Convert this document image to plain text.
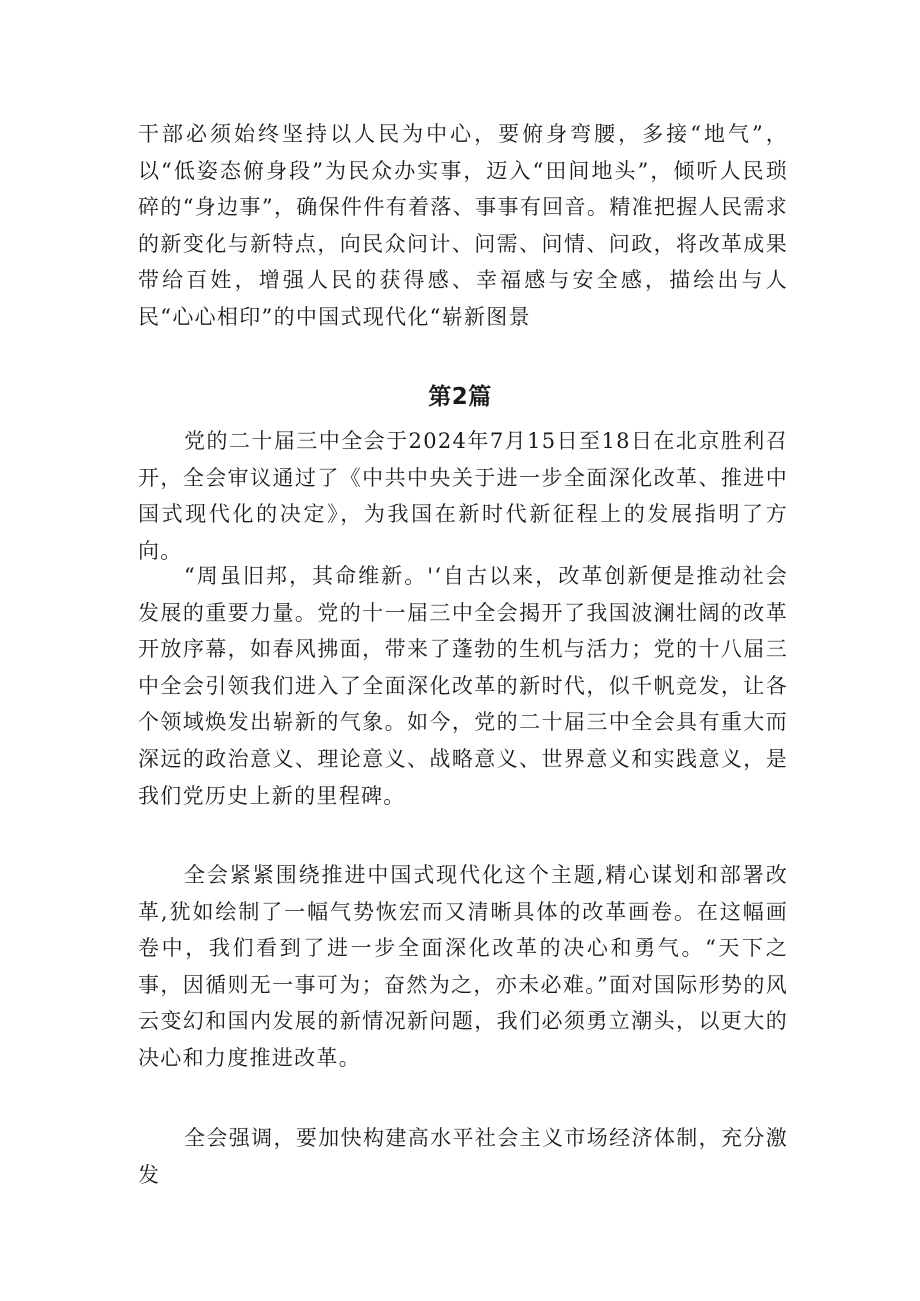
干部必须始终坚持以人民为中心，要俯身弯腰，多接“地气”，以“低姿态俯身段”为民众办实事，迈入“田间地头”，倾听人民琐碎的“身边事”，确保件件有着落、事事有回音。精准把握人民需求的新变化与新特点，向民众问计、问需、问情、问政，将改革成果带给百姓，增强人民的获得感、幸福感与安全感，描绘出与人民“心心相印”的中国式现代化“崭新图景

第2篇

党的二十届三中全会于2024年7月15日至18日在北京胜利召开，全会审议通过了《中共中央关于进一步全面深化改革、推进中国式现代化的决定》，为我国在新时代新征程上的发展指明了方向。

“周虽旧邦，其命维新。'‘自古以来，改革创新便是推动社会发展的重要力量。党的十一届三中全会揭开了我国波澜壮阔的改革开放序幕，如春风拂面，带来了蓬勃的生机与活力；党的十八届三中全会引领我们进入了全面深化改革的新时代，似千帆竞发，让各个领域焕发出崭新的气象。如今，党的二十届三中全会具有重大而深远的政治意义、理论意义、战略意义、世界意义和实践意义，是我们党历史上新的里程碑。

全会紧紧围绕推进中国式现代化这个主题,精心谋划和部署改革,犹如绘制了一幅气势恢宏而又清晰具体的改革画卷。在这幅画卷中，我们看到了进一步全面深化改革的决心和勇气。“天下之事，因循则无一事可为；奋然为之，亦未必难。”面对国际形势的风云变幻和国内发展的新情况新问题，我们必须勇立潮头，以更大的决心和力度推进改革。

全会强调，要加快构建高水平社会主义市场经济体制，充分激发
